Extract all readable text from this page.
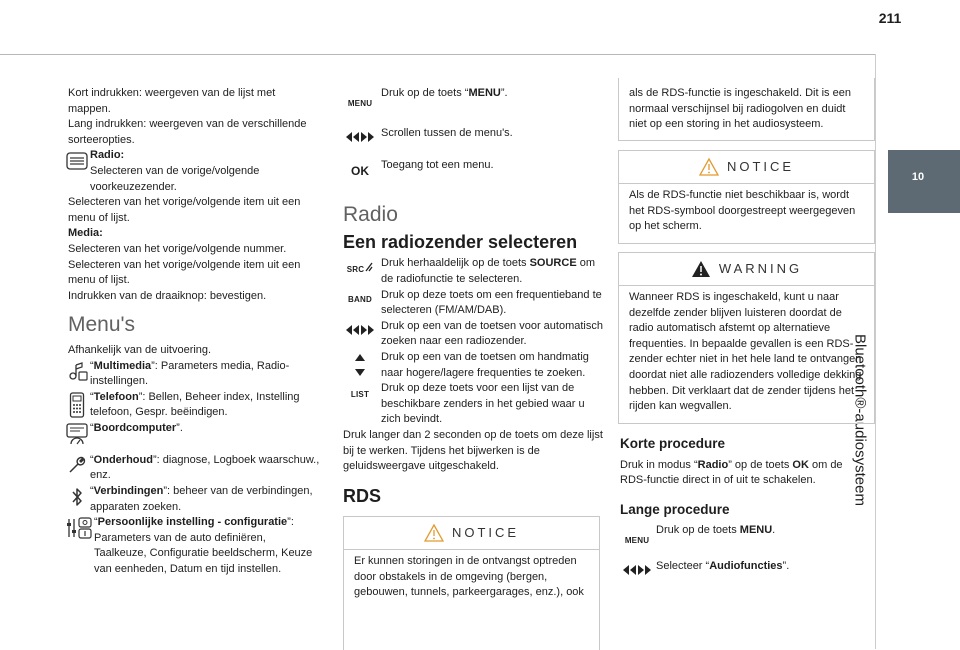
211
10
Bluetooth®-audiosysteem

Kort indrukken: weergeven van de lijst met mappen.

Lang indrukken: weergeven van de verschillende sorteeropties.

Radio:
Selecteren van de vorige/volgende voorkeuzezender.

Selecteren van het vorige/volgende item uit een menu of lijst.

Media:

Selecteren van het vorige/volgende nummer.

Selecteren van het vorige/volgende item uit een menu of lijst.

Indrukken van de draaiknop: bevestigen.

Menu's

Afhankelijk van de uitvoering.

“Multimedia”: Parameters media, Radio-instellingen.
“Telefoon”: Bellen, Beheer index, Instelling telefoon, Gespr. beëindigen.
“Boordcomputer”.
“Onderhoud”: diagnose, Logboek waarschuw., enz.
“Verbindingen”: beheer van de verbindingen, apparaten zoeken.
“Persoonlijke instelling - configuratie”: Parameters van de auto definiëren, Taalkeuze, Configuratie beeldscherm, Keuze van eenheden, Datum en tijd instellen.
MENU
Druk op de toets “MENU”.
Scrollen tussen de menu's.
OK Toegang tot een menu.

Radio

Een radiozender selecteren

SRC
Druk herhaaldelijk op de toets SOURCE om de radiofunctie te selecteren.
BAND Druk op deze toets om een frequentieband te selecteren (FM/AM/DAB).
Druk op een van de toetsen voor automatisch zoeken naar een radiozender.
Druk op een van de toetsen om handmatig naar hogere/lagere frequenties te zoeken.
LIST
Druk op deze toets voor een lijst van de beschikbare zenders in het gebied waar u zich bevindt.

Druk langer dan 2 seconden op de toets om deze lijst bij te werken. Tijdens het bijwerken is de geluidsweergave uitgeschakeld.

RDS

NOTICE
Er kunnen storingen in de ontvangst optreden door obstakels in de omgeving (bergen, gebouwen, tunnels, parkeergarages, enz.), ook
als de RDS-functie is ingeschakeld. Dit is een normaal verschijnsel bij radiogolven en duidt niet op een storing in het audiosysteem.
NOTICE
Als de RDS-functie niet beschikbaar is, wordt het RDS-symbool doorgestreept weergegeven op het scherm.
WARNING
Wanneer RDS is ingeschakeld, kunt u naar dezelfde zender blijven luisteren doordat de radio automatisch afstemt op alternatieve frequenties. In bepaalde gevallen is een RDS-zender echter niet in het hele land te ontvangen doordat niet alle radiozenders volledige dekking hebben. Dit verklaart dat de zender tijdens het rijden kan wegvallen.

Korte procedure

Druk in modus “Radio” op de toets OK om de RDS-functie direct in of uit te schakelen.

Lange procedure

MENU
Druk op de toets MENU.
Selecteer “Audiofuncties”.
